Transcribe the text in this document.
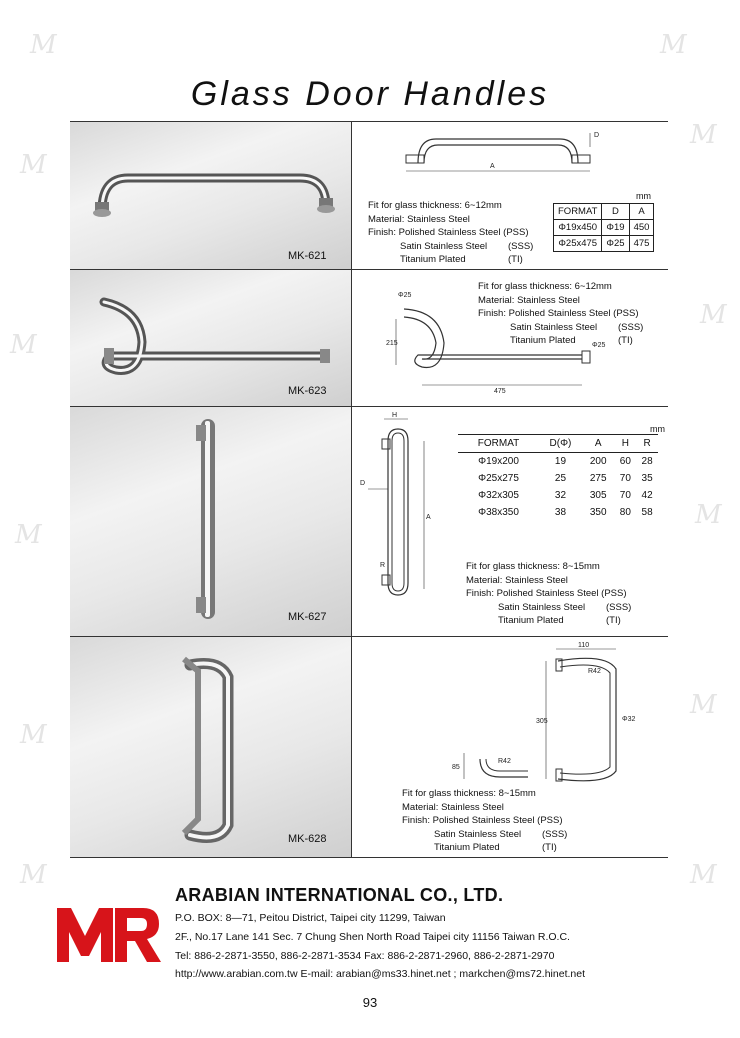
M
M
M
M
M
M
M
M
M	M
M
M
Glass Door Handles
MK-621
A
D
Fit for glass thickness: 6~12mm
Material: Stainless Steel
Finish: Polished Stainless Steel (PSS)
Satin Stainless Steel (SSS)

Titanium Plated	(TI)

mm
FORMAT	D	A
Φ19x450	Φ19	450
Φ25x475	Φ25	475
MK-623
Φ25
Φ25
215
475
Fit for glass thickness: 6~12mm
Material: Stainless Steel
Finish: Polished Stainless Steel (PSS)
Satin Stainless Steel (SSS)

Titanium Plated	(TI)

MK-627
H
D
A
R
mm
FORMAT	D(Φ)	A	H	R
Φ19x200	19	200	60	28
Φ25x275	25	275	70	35
Φ32x305	32	305	70	42
Φ38x350	38	350	80	58
Fit for glass thickness: 8~15mm
Material: Stainless Steel
Finish: Polished Stainless Steel (PSS)
Satin Stainless Steel (SSS)

Titanium Plated	(TI)

MK-628
110
R42
305	Φ32
85
R42
Fit for glass thickness: 8~15mm
Material: Stainless Steel
Finish: Polished Stainless Steel (PSS)
Satin Stainless Steel (SSS)

Titanium Plated	(TI)

ARABIAN INTERNATIONAL CO., LTD.
P.O. BOX: 8—71, Peitou District, Taipei city 11299, Taiwan
2F., No.17 Lane 141 Sec. 7 Chung Shen North Road Taipei city 11156 Taiwan R.O.C.
Tel: 886-2-2871-3550, 886-2-2871-3534 Fax: 886-2-2871-2960, 886-2-2871-2970
http://www.arabian.com.tw E-mail: arabian@ms33.hinet.net ; markchen@ms72.hinet.net
93
